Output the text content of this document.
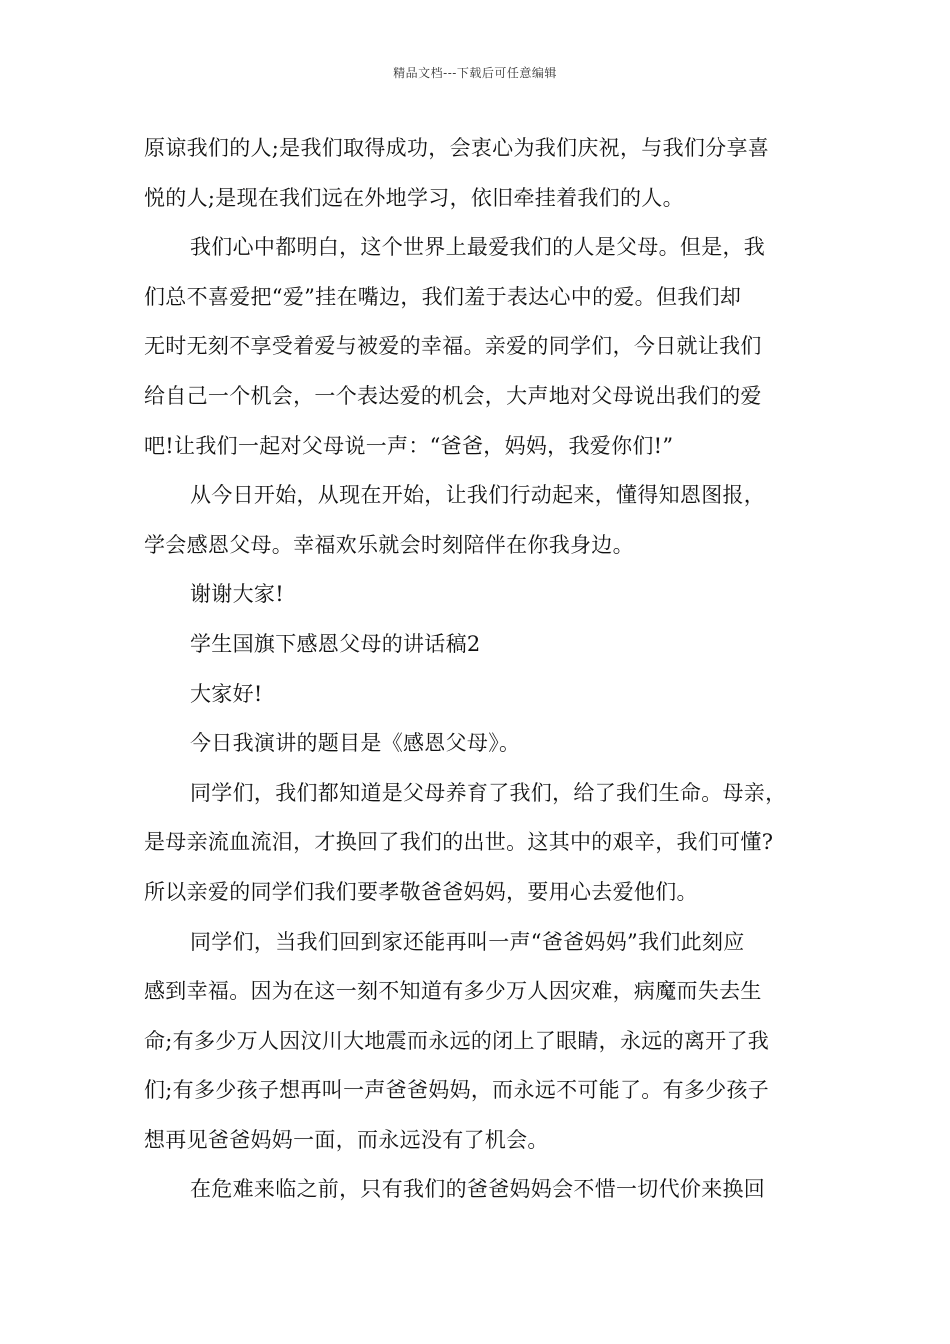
精品文档---下载后可任意编辑
原谅我们的人;是我们取得成功，会衷心为我们庆祝，与我们分享喜
悦的人;是现在我们远在外地学习，依旧牵挂着我们的人。
我们心中都明白，这个世界上最爱我们的人是父母。但是，我
们总不喜爱把“爱”挂在嘴边，我们羞于表达心中的爱。但我们却
无时无刻不享受着爱与被爱的幸福。亲爱的同学们，今日就让我们
给自己一个机会，一个表达爱的机会，大声地对父母说出我们的爱
吧!让我们一起对父母说一声：“爸爸，妈妈，我爱你们!”
从今日开始，从现在开始，让我们行动起来，懂得知恩图报，
学会感恩父母。幸福欢乐就会时刻陪伴在你我身边。
谢谢大家!
学生国旗下感恩父母的讲话稿2
大家好!
今日我演讲的题目是《感恩父母》。
同学们，我们都知道是父母养育了我们，给了我们生命。母亲，
是母亲流血流泪，才换回了我们的出世。这其中的艰辛，我们可懂?
所以亲爱的同学们我们要孝敬爸爸妈妈，要用心去爱他们。
同学们，当我们回到家还能再叫一声“爸爸妈妈”我们此刻应
感到幸福。因为在这一刻不知道有多少万人因灾难，病魔而失去生
命;有多少万人因汶川大地震而永远的闭上了眼睛，永远的离开了我
们;有多少孩子想再叫一声爸爸妈妈，而永远不可能了。有多少孩子
想再见爸爸妈妈一面，而永远没有了机会。
在危难来临之前，只有我们的爸爸妈妈会不惜一切代价来换回
